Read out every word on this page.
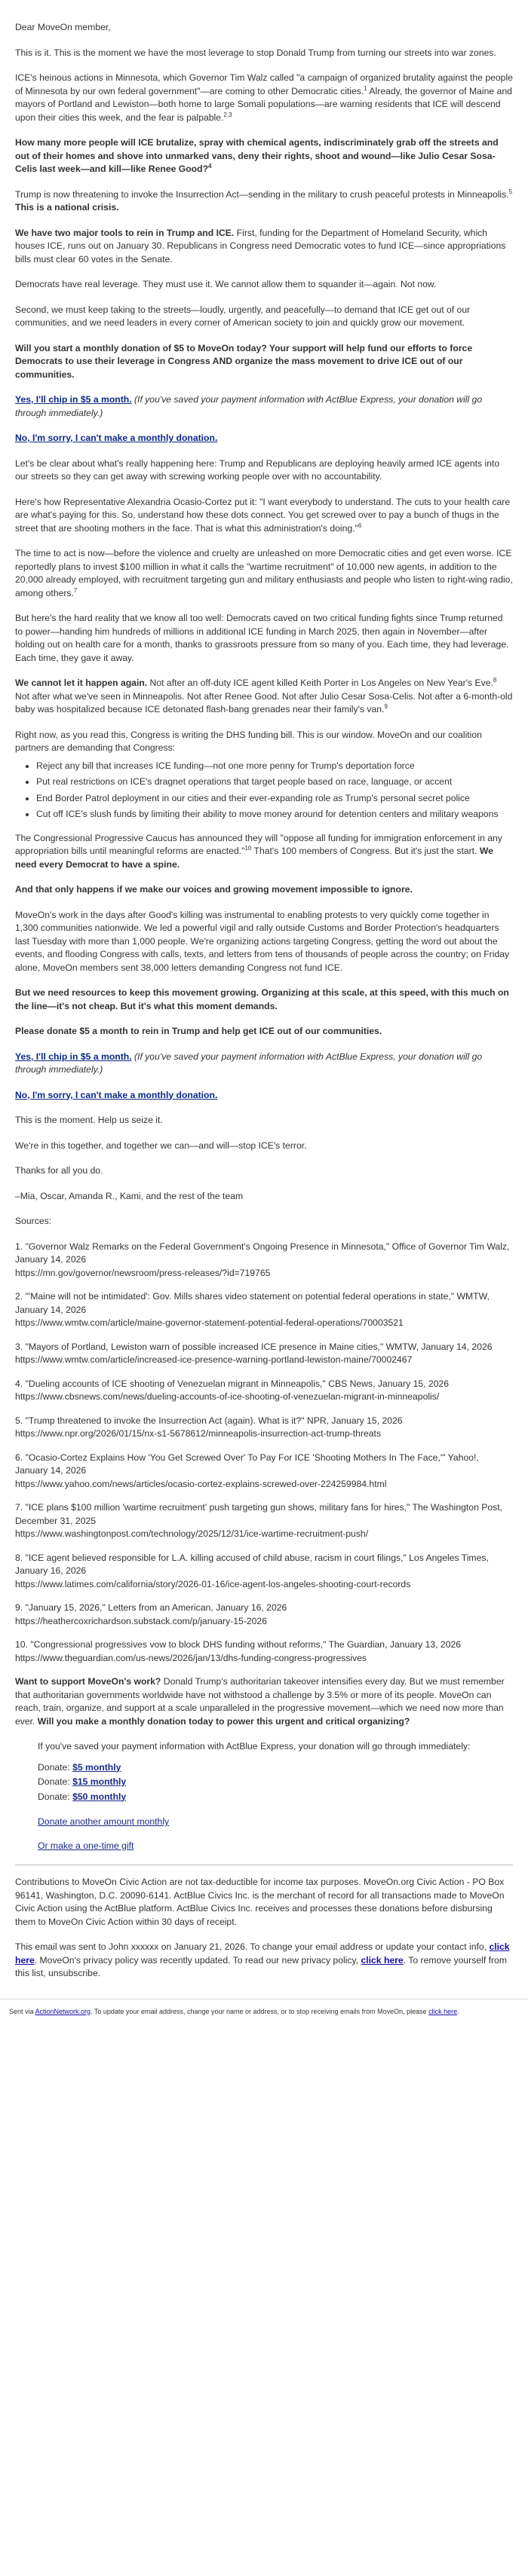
Dear MoveOn member,

This is it. This is the moment we have the most leverage to stop Donald Trump from turning our streets into war zones.

ICE's heinous actions in Minnesota, which Governor Tim Walz called "a campaign of organized brutality against the people of Minnesota by our own federal government"—are coming to other Democratic cities.$^1$ Already, the governor of Maine and mayors of Portland and Lewiston—both home to large Somali populations—are warning residents that ICE will descend upon their cities this week, and the fear is palpable.$^{2,3}$

How many more people will ICE brutalize, spray with chemical agents, indiscriminately grab off the streets and out of their homes and shove into unmarked vans, deny their rights, shoot and wound—like Julio Cesar Sosa-Celis last week—and kill—like Renee Good?$^4$

Trump is now threatening to invoke the Insurrection Act—sending in the military to crush peaceful protests in Minneapolis.$^5$ This is a national crisis.

We have two major tools to rein in Trump and ICE. First, funding for the Department of Homeland Security, which houses ICE, runs out on January 30. Republicans in Congress need Democratic votes to fund ICE—since appropriations bills must clear 60 votes in the Senate.

Democrats have real leverage. They must use it. We cannot allow them to squander it—again. Not now.

Second, we must keep taking to the streets—loudly, urgently, and peacefully—to demand that ICE get out of our communities, and we need leaders in every corner of American society to join and quickly grow our movement.

Will you start a monthly donation of $5 to MoveOn today? Your support will help fund our efforts to force Democrats to use their leverage in Congress AND organize the mass movement to drive ICE out of our communities.

Yes, I'll chip in $5 a month. (If you've saved your payment information with ActBlue Express, your donation will go through immediately.)

No, I'm sorry, I can't make a monthly donation.

Let's be clear about what's really happening here: Trump and Republicans are deploying heavily armed ICE agents into our streets so they can get away with screwing working people over with no accountability.

Here's how Representative Alexandria Ocasio-Cortez put it: "I want everybody to understand. The cuts to your health care are what's paying for this. So, understand how these dots connect. You get screwed over to pay a bunch of thugs in the street that are shooting mothers in the face. That is what this administration's doing."$^6$

The time to act is now—before the violence and cruelty are unleashed on more Democratic cities and get even worse. ICE reportedly plans to invest $100 million in what it calls the "wartime recruitment" of 10,000 new agents, in addition to the 20,000 already employed, with recruitment targeting gun and military enthusiasts and people who listen to right-wing radio, among others.$^7$

But here's the hard reality that we know all too well: Democrats caved on two critical funding fights since Trump returned to power—handing him hundreds of millions in additional ICE funding in March 2025, then again in November—after holding out on health care for a month, thanks to grassroots pressure from so many of you. Each time, they had leverage. Each time, they gave it away.

We cannot let it happen again. Not after an off-duty ICE agent killed Keith Porter in Los Angeles on New Year's Eve.$^8$ Not after what we've seen in Minneapolis. Not after Renee Good. Not after Julio Cesar Sosa-Celis. Not after a 6-month-old baby was hospitalized because ICE detonated flash-bang grenades near their family's van.$^9$

Right now, as you read this, Congress is writing the DHS funding bill. This is our window. MoveOn and our coalition partners are demanding that Congress:

• Reject any bill that increases ICE funding—not one more penny for Trump's deportation force
• Put real restrictions on ICE's dragnet operations that target people based on race, language, or accent
• End Border Patrol deployment in our cities and their ever-expanding role as Trump's personal secret police
• Cut off ICE's slush funds by limiting their ability to move money around for detention centers and military weapons

The Congressional Progressive Caucus has announced they will "oppose all funding for immigration enforcement in any appropriation bills until meaningful reforms are enacted."$^{10}$ That's 100 members of Congress. But it's just the start. We need every Democrat to have a spine.

And that only happens if we make our voices and growing movement impossible to ignore.

MoveOn's work in the days after Good's killing was instrumental to enabling protests to very quickly come together in 1,300 communities nationwide. We led a powerful vigil and rally outside Customs and Border Protection's headquarters last Tuesday with more than 1,000 people. We're organizing actions targeting Congress, getting the word out about the events, and flooding Congress with calls, texts, and letters from tens of thousands of people across the country; on Friday alone, MoveOn members sent 38,000 letters demanding Congress not fund ICE.

But we need resources to keep this movement growing. Organizing at this scale, at this speed, with this much on the line—it's not cheap. But it's what this moment demands.

Please donate $5 a month to rein in Trump and help get ICE out of our communities.

Yes, I'll chip in $5 a month. (If you've saved your payment information with ActBlue Express, your donation will go through immediately.)

No, I'm sorry, I can't make a monthly donation.

This is the moment. Help us seize it.

We're in this together, and together we can—and will—stop ICE's terror.

Thanks for all you do.

–Mia, Oscar, Amanda R., Kami, and the rest of the team

Sources:

1. "Governor Walz Remarks on the Federal Government's Ongoing Presence in Minnesota," Office of Governor Tim Walz, January 14, 2026
https://mn.gov/governor/newsroom/press-releases/?id=719765

2. "'Maine will not be intimidated': Gov. Mills shares video statement on potential federal operations in state," WMTW, January 14, 2026
https://www.wmtw.com/article/maine-governor-statement-potential-federal-operations/70003521

3. "Mayors of Portland, Lewiston warn of possible increased ICE presence in Maine cities," WMTW, January 14, 2026
https://www.wmtw.com/article/increased-ice-presence-warning-portland-lewiston-maine/70002467

4. "Dueling accounts of ICE shooting of Venezuelan migrant in Minneapolis," CBS News, January 15, 2026
https://www.cbsnews.com/news/dueling-accounts-of-ice-shooting-of-venezuelan-migrant-in-minneapolis/

5. "Trump threatened to invoke the Insurrection Act (again). What is it?" NPR, January 15, 2026
https://www.npr.org/2026/01/15/nx-s1-5678612/minneapolis-insurrection-act-trump-threats

6. "Ocasio-Cortez Explains How 'You Get Screwed Over' To Pay For ICE 'Shooting Mothers In The Face,'" Yahoo!, January 14, 2026
https://www.yahoo.com/news/articles/ocasio-cortez-explains-screwed-over-224259984.html

7. "ICE plans $100 million 'wartime recruitment' push targeting gun shows, military fans for hires," The Washington Post, December 31, 2025
https://www.washingtonpost.com/technology/2025/12/31/ice-wartime-recruitment-push/

8. "ICE agent believed responsible for L.A. killing accused of child abuse, racism in court filings," Los Angeles Times, January 16, 2026
https://www.latimes.com/california/story/2026-01-16/ice-agent-los-angeles-shooting-court-records

9. "January 15, 2026," Letters from an American, January 16, 2026
https://heathercoxrichardson.substack.com/p/january-15-2026

10. "Congressional progressives vow to block DHS funding without reforms," The Guardian, January 13, 2026
https://www.theguardian.com/us-news/2026/jan/13/dhs-funding-congress-progressives

Want to support MoveOn's work? Donald Trump's authoritarian takeover intensifies every day. But we must remember that authoritarian governments worldwide have not withstood a challenge by 3.5% or more of its people. MoveOn can reach, train, organize, and support at a scale unparalleled in the progressive movement—which we need now more than ever. Will you make a monthly donation today to power this urgent and critical organizing?

If you've saved your payment information with ActBlue Express, your donation will go through immediately:

Donate: $5 monthly

Donate: $15 monthly

Donate: $50 monthly

Donate another amount monthly

Or make a one-time gift

Contributions to MoveOn Civic Action are not tax-deductible for income tax purposes. MoveOn.org Civic Action - PO Box 96141, Washington, D.C. 20090-6141. ActBlue Civics Inc. is the merchant of record for all transactions made to MoveOn Civic Action using the ActBlue platform. ActBlue Civics Inc. receives and processes these donations before disbursing them to MoveOn Civic Action within 30 days of receipt.

This email was sent to John xxxxxx on January 21, 2026. To change your email address or update your contact info, click here. MoveOn's privacy policy was recently updated. To read our new privacy policy, click here. To remove yourself from this list, unsubscribe.

Sent via ActionNetwork.org. To update your email address, change your name or address, or to stop receiving emails from MoveOn, please click here.
